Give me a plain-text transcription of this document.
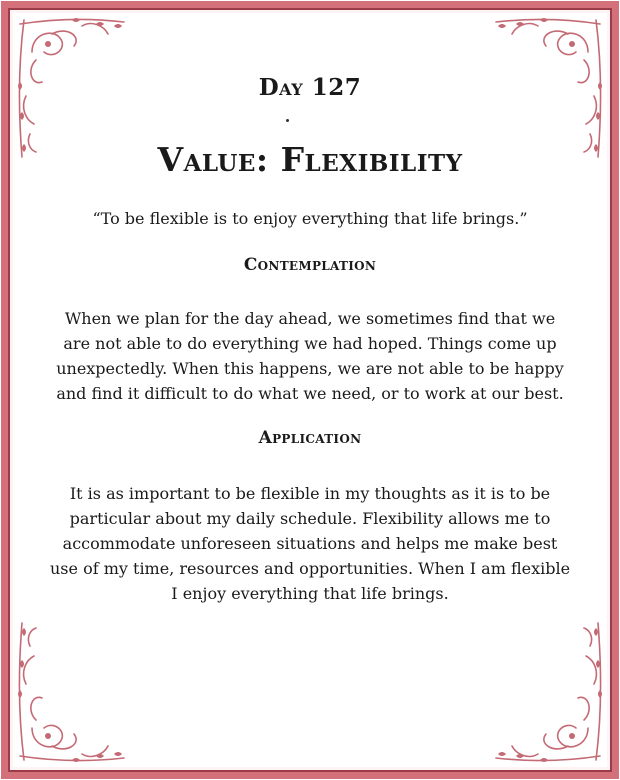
Day 127
Value: Flexibility
“To be flexible is to enjoy everything that life brings.”
Contemplation
When we plan for the day ahead, we sometimes find that we
are not able to do everything we had hoped. Things come up
unexpectedly. When this happens, we are not able to be happy
and find it difficult to do what we need, or to work at our best.
Application
It is as important to be flexible in my thoughts as it is to be
particular about my daily schedule. Flexibility allows me to
accommodate unforeseen situations and helps me make best
use of my time, resources and opportunities. When I am flexible
I enjoy everything that life brings.
